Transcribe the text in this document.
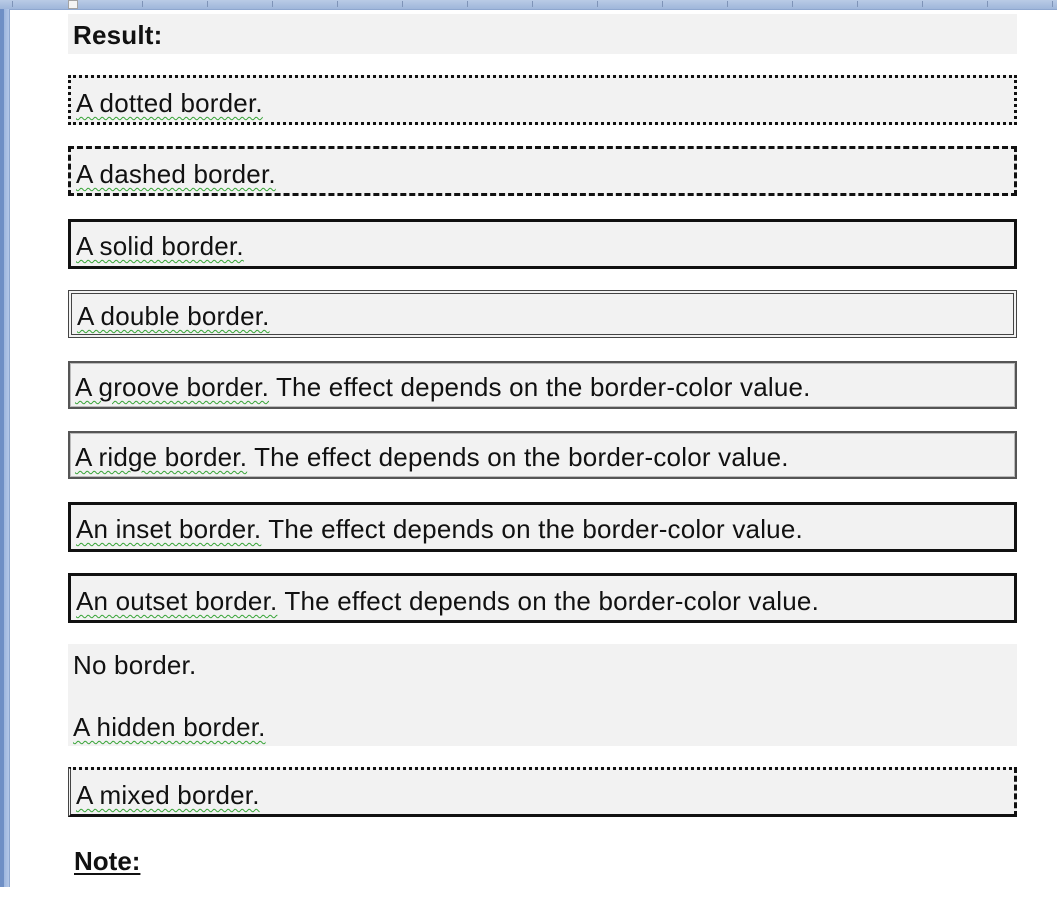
Result:
A dotted border.
A dashed border.
A solid border.
A double border.
A groove border. The effect depends on the border-color value.
A ridge border. The effect depends on the border-color value.
An inset border. The effect depends on the border-color value.
An outset border. The effect depends on the border-color value.
No border.
A hidden border.
A mixed border.
Note:
